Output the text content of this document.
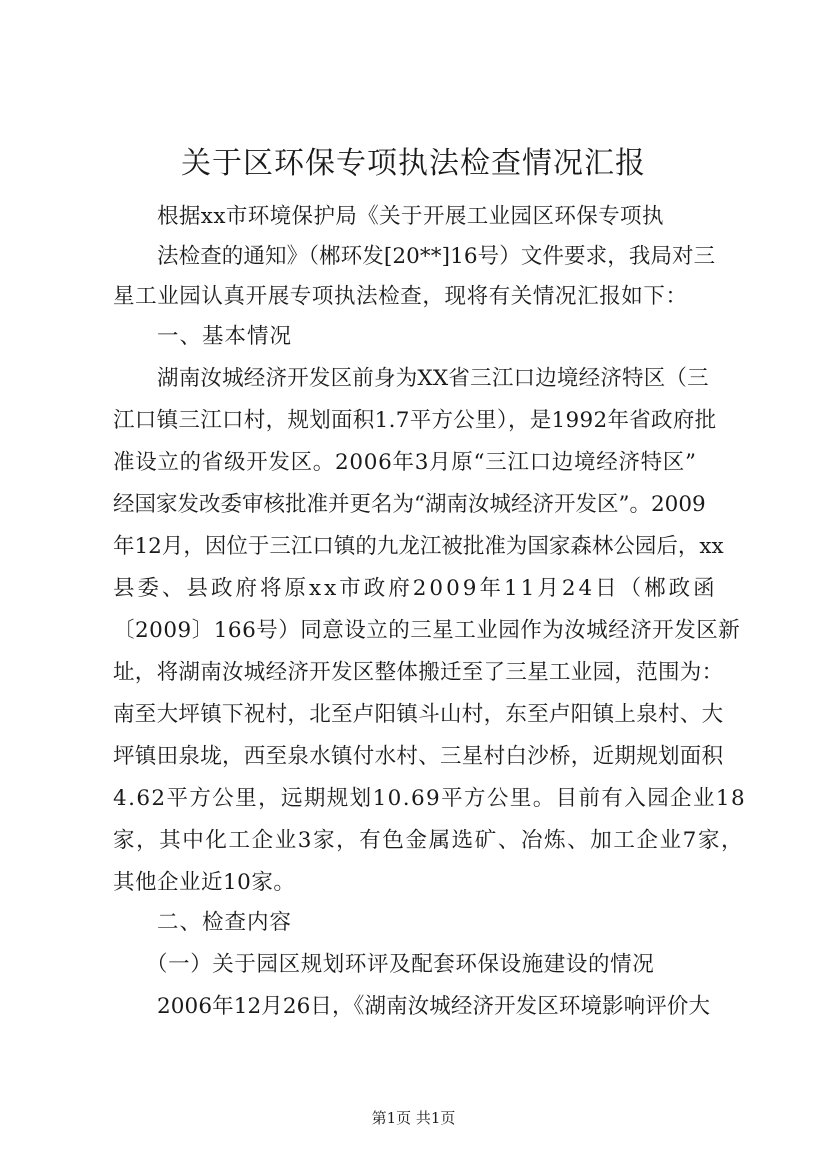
关于区环保专项执法检查情况汇报

根据xx市环境保护局《关于开展工业园区环保专项执

法检查的通知》（郴环发[20**]16号）文件要求，我局对三

星工业园认真开展专项执法检查，现将有关情况汇报如下：

一、基本情况

湖南汝城经济开发区前身为XX省三江口边境经济特区（三

江口镇三江口村，规划面积1.7平方公里），是1992年省政府批

准设立的省级开发区。2006年3月原“三江口边境经济特区”

经国家发改委审核批准并更名为“湖南汝城经济开发区”。2009

年12月，因位于三江口镇的九龙江被批准为国家森林公园后，xx

县委、县政府将原xx市政府2009年11月24日（郴政函

〔2009〕166号）同意设立的三星工业园作为汝城经济开发区新

址，将湖南汝城经济开发区整体搬迁至了三星工业园，范围为：

南至大坪镇下祝村，北至卢阳镇斗山村，东至卢阳镇上泉村、大

坪镇田泉垅，西至泉水镇付水村、三星村白沙桥，近期规划面积

4.62平方公里，远期规划10.69平方公里。目前有入园企业18

家，其中化工企业3家，有色金属选矿、冶炼、加工企业7家，

其他企业近10家。

二、检查内容

（一）关于园区规划环评及配套环保设施建设的情况

2006年12月26日，《湖南汝城经济开发区环境影响评价大

第1页 共1页
